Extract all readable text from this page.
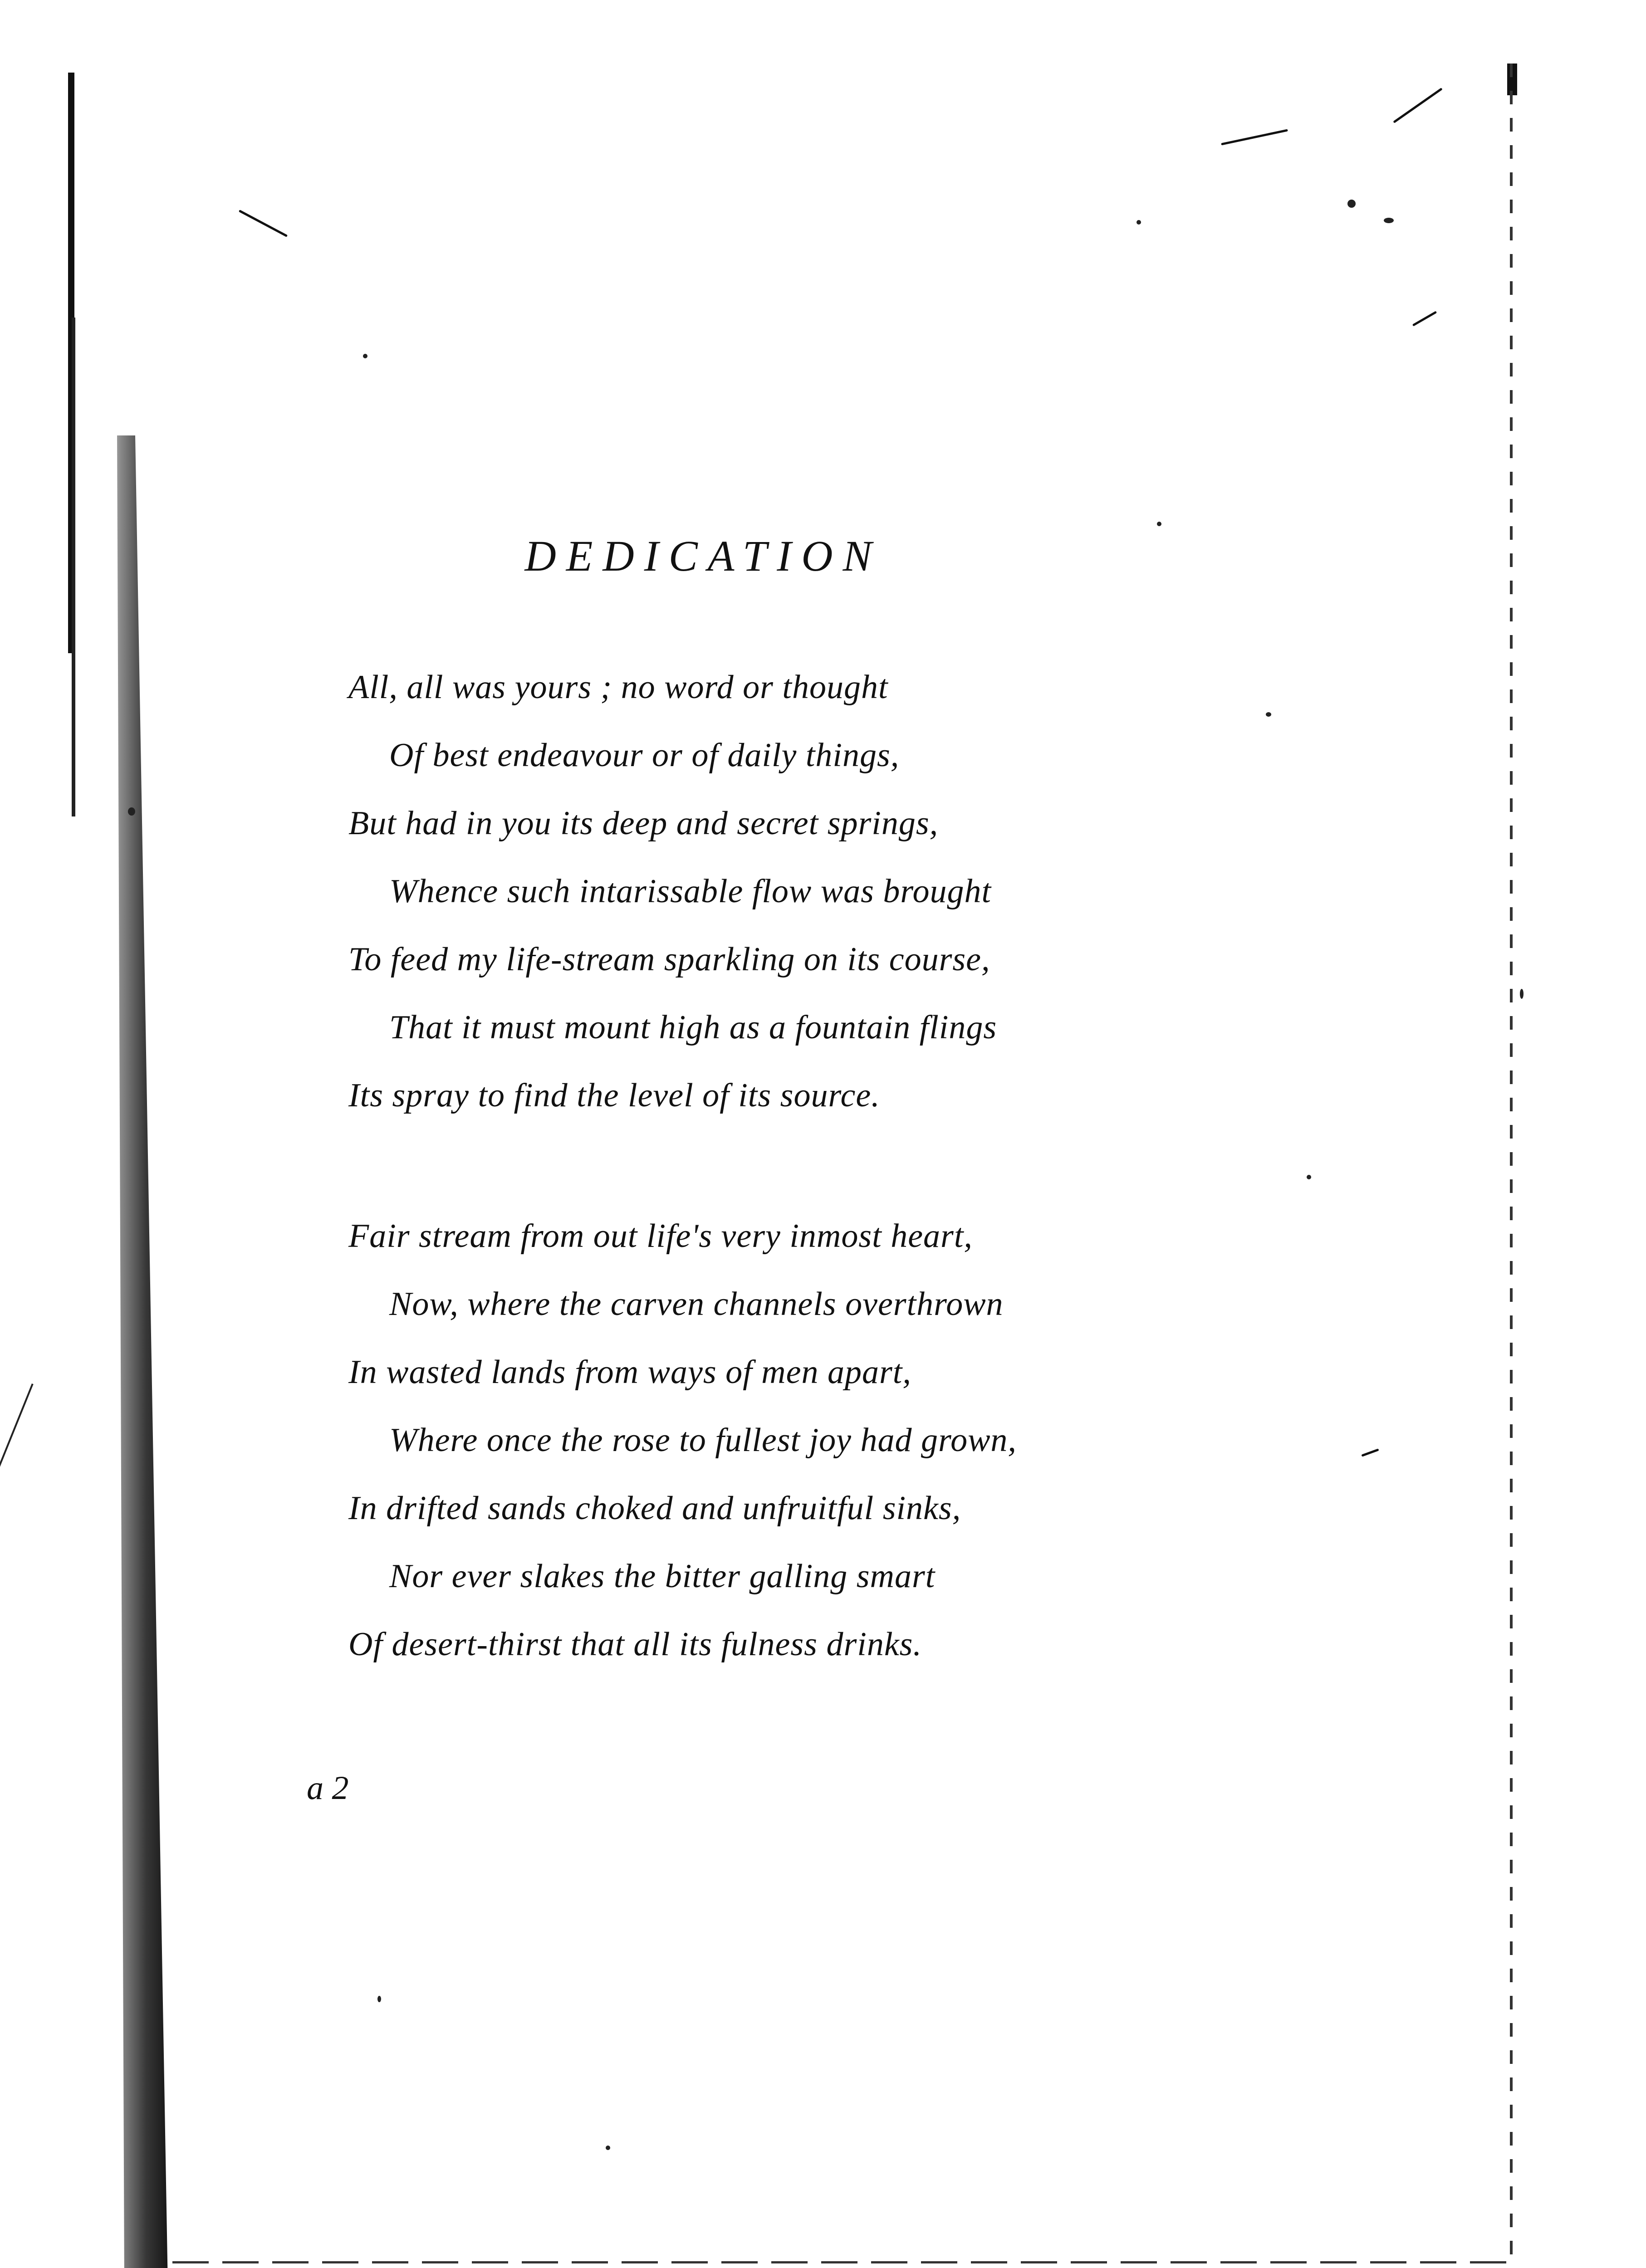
DEDICATION
All, all was yours ; no word or thought
Of best endeavour or of daily things,
But had in you its deep and secret springs,
Whence such intarissable flow was brought
To feed my life-stream sparkling on its course,
That it must mount high as a fountain flings
Its spray to find the level of its source.
Fair stream from out life's very inmost heart,
Now, where the carven channels overthrown
In wasted lands from ways of men apart,
Where once the rose to fullest joy had grown,
In drifted sands choked and unfruitful sinks,
Nor ever slakes the bitter galling smart
Of desert-thirst that all its fulness drinks.
a 2
